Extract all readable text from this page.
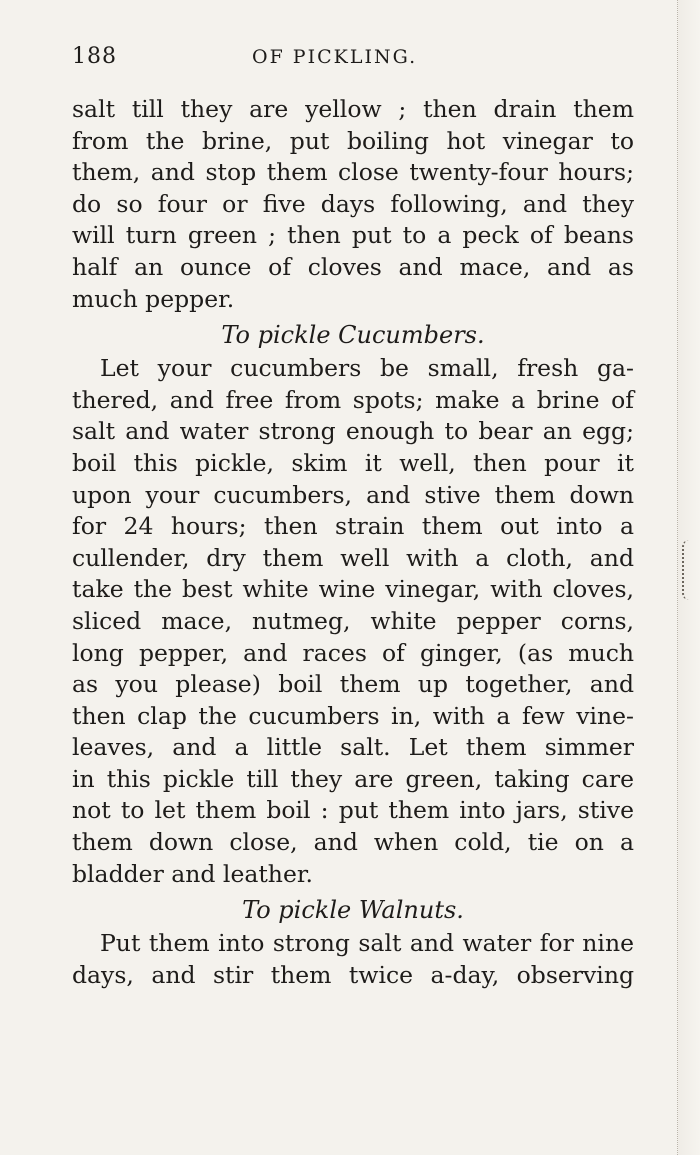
188	OF PICKLING.
salt till they are yellow ; then drain them
from the brine, put boiling hot vinegar to
them, and stop them close twenty-four hours;
do so four or five days following, and they
will turn green ; then put to a peck of beans
half an ounce of cloves and mace, and as
much pepper.
To pickle Cucumbers.
Let your cucumbers be small, fresh ga-
thered, and free from spots; make a brine of
salt and water strong enough to bear an egg;
boil this pickle, skim it well, then pour it
upon your cucumbers, and stive them down
for 24 hours; then strain them out into a
cullender, dry them well with a cloth, and
take the best white wine vinegar, with cloves,
sliced mace, nutmeg, white pepper corns,
long pepper, and races of ginger, (as much
as you please) boil them up together, and
then clap the cucumbers in, with a few vine-
leaves, and a little salt. Let them simmer
in this pickle till they are green, taking care
not to let them boil : put them into jars, stive
them down close, and when cold, tie on a
bladder and leather.
To pickle Walnuts.
Put them into strong salt and water for nine
days, and stir them twice a-day, observing
